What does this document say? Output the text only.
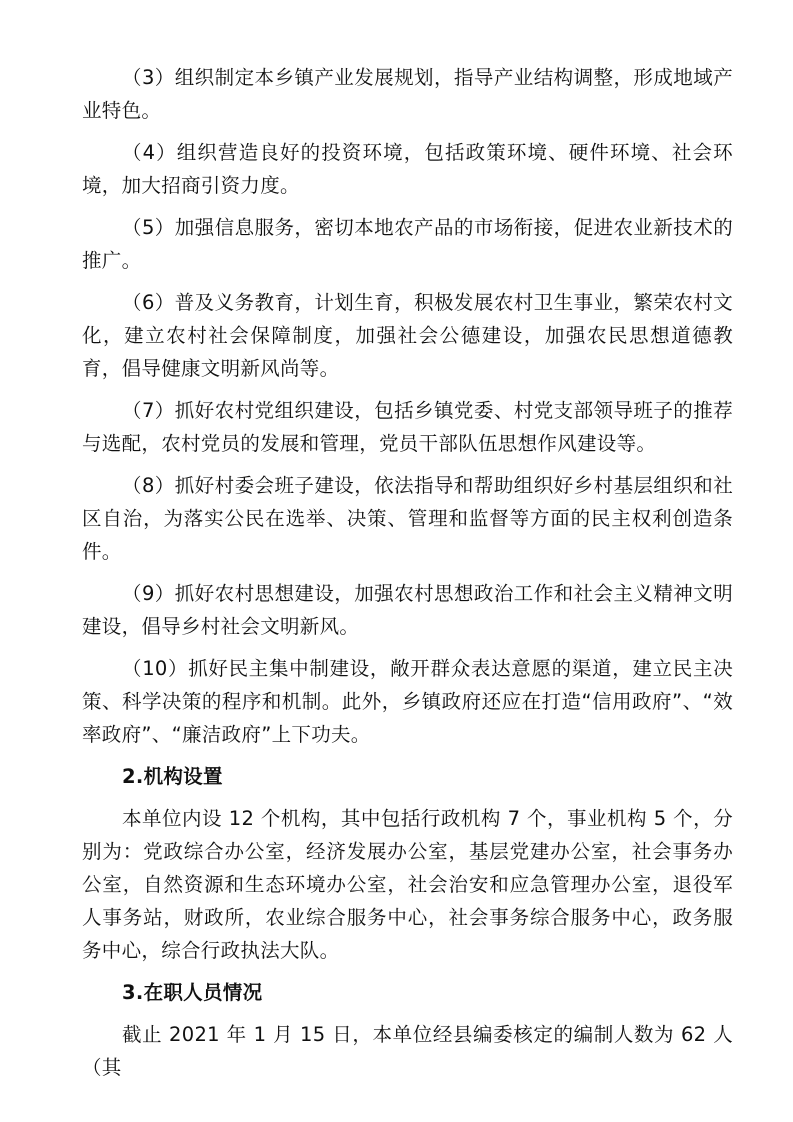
（3）组织制定本乡镇产业发展规划，指导产业结构调整，形成地域产业特色。

（4）组织营造良好的投资环境，包括政策环境、硬件环境、社会环境，加大招商引资力度。

（5）加强信息服务，密切本地农产品的市场衔接，促进农业新技术的推广。

（6）普及义务教育，计划生育，积极发展农村卫生事业，繁荣农村文化，建立农村社会保障制度，加强社会公德建设，加强农民思想道德教育，倡导健康文明新风尚等。

（7）抓好农村党组织建设，包括乡镇党委、村党支部领导班子的推荐与选配，农村党员的发展和管理，党员干部队伍思想作风建设等。

（8）抓好村委会班子建设，依法指导和帮助组织好乡村基层组织和社区自治，为落实公民在选举、决策、管理和监督等方面的民主权利创造条件。

（9）抓好农村思想建设，加强农村思想政治工作和社会主义精神文明建设，倡导乡村社会文明新风。

（10）抓好民主集中制建设，敞开群众表达意愿的渠道，建立民主决策、科学决策的程序和机制。此外，乡镇政府还应在打造“信用政府”、“效率政府”、“廉洁政府”上下功夫。

2.机构设置

本单位内设 12 个机构，其中包括行政机构 7 个，事业机构 5 个，分别为：党政综合办公室，经济发展办公室，基层党建办公室，社会事务办公室，自然资源和生态环境办公室，社会治安和应急管理办公室，退役军人事务站，财政所，农业综合服务中心，社会事务综合服务中心，政务服务中心，综合行政执法大队。

3.在职人员情况

截止 2021 年 1 月 15 日，本单位经县编委核定的编制人数为 62 人（其
